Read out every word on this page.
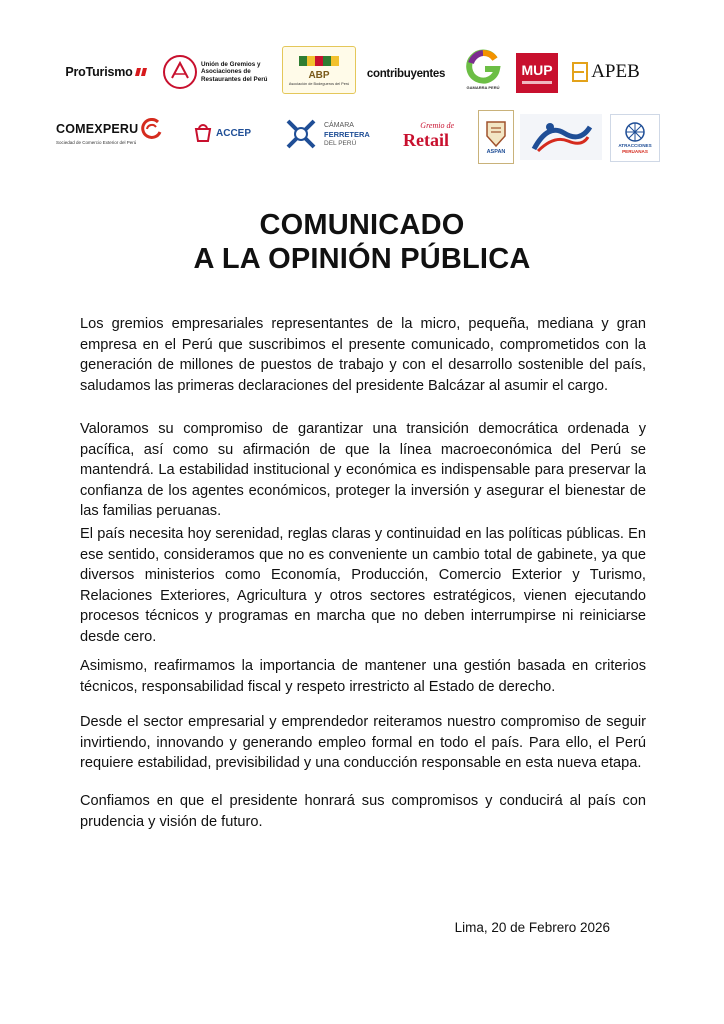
ProTurismo
Unión de Gremios y
Asociaciones de
Restaurantes del Perú	ABP
Asociación de Bodegueros del Perú
contribuyentes
GAMARRA PERÚ
MUP APEB
COMEXPERU
Sociedad de Comercio Exterior del Perú
ACCEP
CÁMARA
FERRETERA
DEL PERÚ
Gremio de
Retail
ASPAN
ATRACCIONES
PERUANAS
COMUNICADO
A LA OPINIÓN PÚBLICA

Los gremios empresariales representantes de la micro, pequeña, mediana y gran empresa en el Perú que suscribimos el presente comunicado, comprometidos con la generación de millones de puestos de trabajo y con el desarrollo sostenible del país, saludamos las primeras declaraciones del presidente Balcázar al asumir el cargo.

Valoramos su compromiso de garantizar una transición democrática ordenada y pacífica, así como su afirmación de que la línea macroeconómica del Perú se mantendrá. La estabilidad institucional y económica es indispensable para preservar la confianza de los agentes económicos, proteger la inversión y asegurar el bienestar de las familias peruanas.

El país necesita hoy serenidad, reglas claras y continuidad en las políticas públicas. En ese sentido, consideramos que no es conveniente un cambio total de gabinete, ya que diversos ministerios como Economía, Producción, Comercio Exterior y Turismo, Relaciones Exteriores, Agricultura y otros sectores estratégicos, vienen ejecutando procesos técnicos y programas en marcha que no deben interrumpirse ni reiniciarse desde cero.

Asimismo, reafirmamos la importancia de mantener una gestión basada en criterios técnicos, responsabilidad fiscal y respeto irrestricto al Estado de derecho.

Desde el sector empresarial y emprendedor reiteramos nuestro compromiso de seguir invirtiendo, innovando y generando empleo formal en todo el país. Para ello, el Perú requiere estabilidad, previsibilidad y una conducción responsable en esta nueva etapa.

Confiamos en que el presidente honrará sus compromisos y conducirá al país con prudencia y visión de futuro.

Lima, 20 de Febrero 2026
